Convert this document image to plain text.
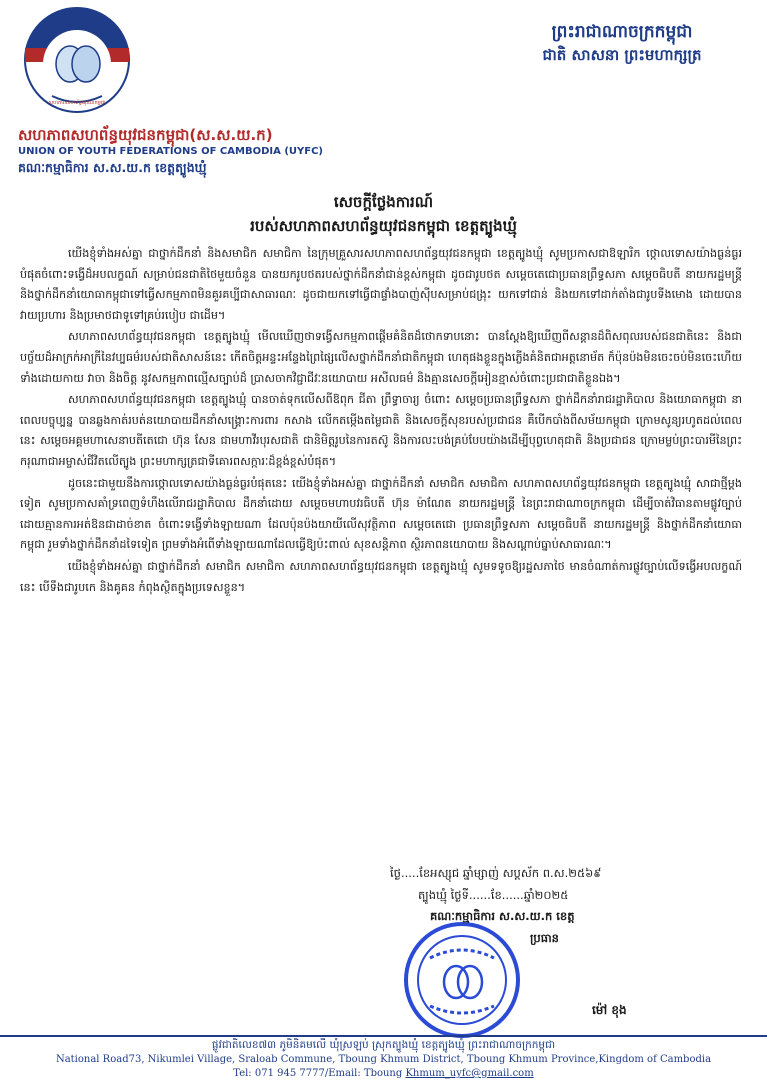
សហភាពសហព័ន្ធយុវជនកម្ពុជា
សហភាពសហព័ន្ធយុវជនកម្ពុជា(ស.ស.យ.ក)
UNION OF YOUTH FEDERATIONS OF CAMBODIA (UYFC)
គណៈកម្មាធិការ ស.ស.យ.ក ខេត្តត្បូងឃ្មុំ
ព្រះរាជាណាចក្រកម្ពុជា
ជាតិ សាសនា ព្រះមហាក្សត្រ
សេចក្តីថ្លែងការណ៍
របស់សហភាពសហព័ន្ធយុវជនកម្ពុជា ខេត្តត្បូងឃ្មុំ

យើងខ្ញុំទាំងអស់គ្នា ជាថ្នាក់ដឹកនាំ និងសមាជិក សមាជិកា នៃក្រុមគ្រួសារសហភាពសហព័ន្ធយុវជនកម្ពុជា ខេត្តត្បូងឃ្មុំ សូមប្រកាសជាឱឡារិក ថ្កោលទោសយ៉ាងធ្ងន់ធ្ងរបំផុតចំពោះទង្វើដ៏អបលក្ខណ៍ សម្រាប់ជនជាតិថៃមួយចំនួន បានយករូបថតរបស់ថ្នាក់ដឹកនាំជាន់ខ្ពស់កម្ពុជា ដូចជារូបថត សម្តេចតេជោប្រធានព្រឹទ្ធសភា សម្តេចធិបតី នាយករដ្ឋមន្ត្រី និងថ្នាក់ដឹកនាំយោធាកម្ពុជាទៅធ្វើសកម្មភាពមិនគួរគប្បីជាសាធារណៈ ដូចជាយកទៅធ្វើជាផ្ទាំងបាញ់ស៊ីបសម្រាប់ជង្រុះ យកទៅជាន់ និងយកទៅដាក់តាំងជារូបទីងមោង ដោយបានវាយប្រហារ និងប្រមាថជាទូទៅគ្រប់របៀប ជាដើម។

សហភាពសហព័ន្ធយុវជនកម្ពុជា ខេត្តត្បូងឃ្មុំ មើលឃើញថាទង្វើសកម្មភាពផ្តើមគំនិតដ៏ថោកទាបនោះ បានស្តែងឱ្យឃើញពីសន្តានដ៏ពិសពុលរបស់ជនជាតិនេះ និងជាបច្ច័យដ៏អាក្រក់អាក្រីនៃវប្បធម៌របស់ជាតិសាសន៍នេះ កើតចិត្តអន្ទះអន្ទែងព្រៃផ្សៃលើសថ្នាក់ដឹកនាំជាតិកម្ពុជា ហេតុផងខ្លួនក្នុងភ្លើងគំនិតជាអត្តនោម័ត ក៏ប៉ុនប៉ងមិនចេះចប់មិនចេះហើយ ទាំងដោយកាយ វាចា និងចិត្ត នូវសកម្មភាពល្មើសច្បាប់ដ៏ ប្រាសចាកវិជ្ជាជីវៈនយោបាយ អសីលធម៌ និងគ្មានសេចក្តីអៀនខ្មាស់ចំពោះប្រជាជាតិខ្លួនឯង។

សហភាពសហព័ន្ធយុវជនកម្ពុជា ខេត្តត្បូងឃ្មុំ បានចាត់ទុកលើសពីឱពុក ជីតា ព្រឹទ្ធាចារ្យ ចំពោះ សម្តេចប្រធានព្រឹទ្ធសភា ថ្នាក់ដឹកនាំរាជរដ្ឋាភិបាល និងយោធាកម្ពុជា នាពេលបច្ចុប្បន្ន បានឆ្លងកាត់របត់នយោបាយដឹកនាំសង្គ្រោះការពារ កសាង លើកតម្កើងតម្លៃជាតិ និងសេចក្តីសុខរបស់ប្រជាជន គឺបើកបាំងពីសម័យកម្ពុជា ក្រោមសូន្យរហូតដល់ពេលនេះ សម្តេចអគ្គមហាសេនាបតីតេជោ ហ៊ុន សែន ជាមហាវីរបុរសជាតិ ជានិមិត្តរូបនៃការតស៊ូ និងការលះបង់គ្រប់បែបយ៉ាងដើម្បីបុព្វហេតុជាតិ និងប្រជាជន ក្រោមម្លប់ព្រះបារមីនៃព្រះករុណាជាអម្ចាស់ជីវិតលើត្បូង ព្រះមហាក្សត្រជាទីគោរពសក្ការៈដ៏ខ្ពង់ខ្ពស់បំផុត។

ដូចនេះជាមួយនឹងការថ្កោលទោសយ៉ាងធ្ងន់ធ្ងរបំផុតនេះ យើងខ្ញុំទាំងអស់គ្នា ជាថ្នាក់ដឹកនាំ សមាជិក សមាជិកា សហភាពសហព័ន្ធយុវជនកម្ពុជា ខេត្តត្បូងឃ្មុំ សាជាថ្មីម្តងទៀត សូមប្រកាសគាំទ្រពេញទំហឹងលើរាជរដ្ឋាភិបាល ដឹកនាំដោយ សម្តេចមហាបវរធិបតី ហ៊ុន ម៉ាណែត នាយករដ្ឋមន្ត្រី នៃព្រះរាជាណាចក្រកម្ពុជា ដើម្បីចាត់វិធានតាមផ្លូវច្បាប់ ដោយគ្មានការអត់ឱនជាដាច់ខាត ចំពោះទង្វើទាំងឡាយណា ដែលប៉ុនប៉ងយាយីលើសុវត្ថិភាព សម្តេចតេជោ ប្រធានព្រឹទ្ធសភា សម្តេចធិបតី នាយករដ្ឋមន្ត្រី និងថ្នាក់ដឹកនាំយោធាកម្ពុជា រួមទាំងថ្នាក់ដឹកនាំដទៃទៀត ព្រមទាំងអំពើទាំងឡាយណាដែលធ្វើឱ្យប៉ះពាល់ សុខសន្តិភាព ស្ថិរភាពនយោបាយ និងសណ្តាប់ធ្នាប់សាធារណៈ។

យើងខ្ញុំទាំងអស់គ្នា ជាថ្នាក់ដឹកនាំ សមាជិក សមាជិកា សហភាពសហព័ន្ធយុវជនកម្ពុជា ខេត្តត្បូងឃ្មុំ សូមទទូចឱ្យរដ្ឋសភាថៃ មានចំណាត់ការផ្លូវច្បាប់លើទង្វើអបលក្ខណ៍នេះ បើទឹងជារូបកេ និងគូគន កំពុងស្ថិតក្នុងប្រទេសខ្លួន។

ថ្ងៃ.....ខែអស្សុជ ឆ្នាំម្សាញ់ សប្តស័ក ព.ស.២៥៦៩
ត្បូងឃ្មុំ ថ្ងៃទី......ខែ......ឆ្នាំ២០២៥
គណៈកម្មាធិការ ស.ស.យ.ក ខេត្ត
ប្រធាន
ម៉ៅ ខុង
ផ្លូវជាតិលេខ៧៣ ភូមិនិគមលើ ឃុំស្រឡប់ ស្រុកត្បូងឃ្មុំ ខេត្តត្បូងឃ្មុំ ព្រះរាជាណាចក្រកម្ពុជា
National Road73, Nikumlei Village, Sraloab Commune, Tboung Khmum District, Tboung Khmum Province,Kingdom of Cambodia
Tel: 071 945 7777/Email: Tboung Khmum_uyfc@gmail.com
